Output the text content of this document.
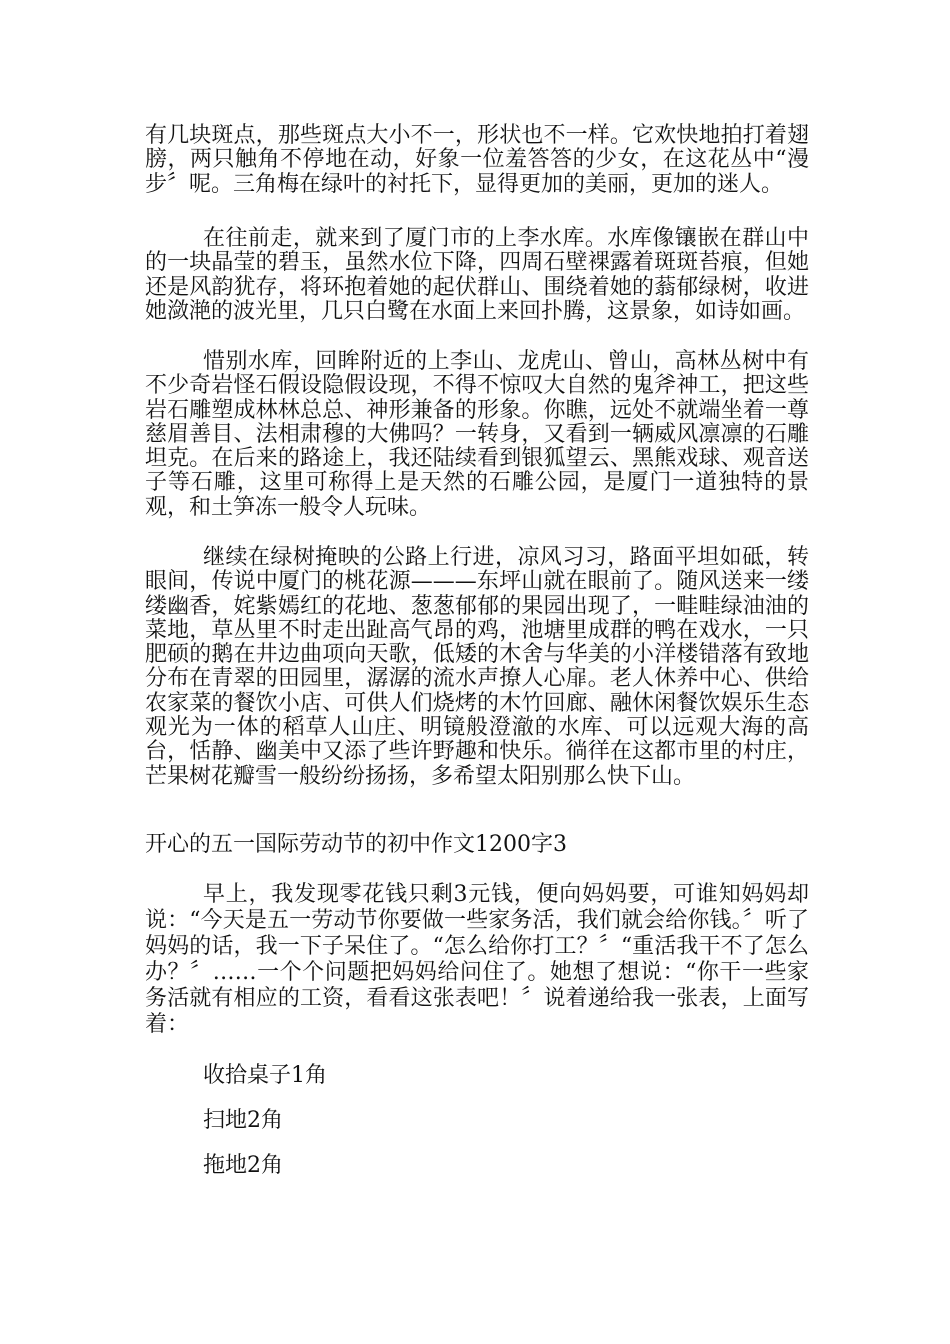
有几块斑点，那些斑点大小不一，形状也不一样。它欢快地拍打着翅膀，两只触角不停地在动，好象一位羞答答的少女，在这花丛中“漫步〞呢。三角梅在绿叶的衬托下，显得更加的美丽，更加的迷人。

在往前走，就来到了厦门市的上李水库。水库像镶嵌在群山中的一块晶莹的碧玉，虽然水位下降，四周石壁裸露着斑斑苔痕，但她还是风韵犹存，将环抱着她的起伏群山、围绕着她的蓊郁绿树，收进她潋滟的波光里，几只白鹭在水面上来回扑腾，这景象，如诗如画。

惜别水库，回眸附近的上李山、龙虎山、曾山，高林丛树中有不少奇岩怪石假设隐假设现，不得不惊叹大自然的鬼斧神工，把这些岩石雕塑成林林总总、神形兼备的形象。你瞧，远处不就端坐着一尊慈眉善目、法相肃穆的大佛吗？一转身，又看到一辆威风凛凛的石雕坦克。在后来的路途上，我还陆续看到银狐望云、黑熊戏球、观音送子等石雕，这里可称得上是天然的石雕公园，是厦门一道独特的景观，和土笋冻一般令人玩味。

继续在绿树掩映的公路上行进，凉风习习，路面平坦如砥，转眼间，传说中厦门的桃花源———东坪山就在眼前了。随风送来一缕缕幽香，姹紫嫣红的花地、葱葱郁郁的果园出现了，一畦畦绿油油的菜地，草丛里不时走出趾高气昂的鸡，池塘里成群的鸭在戏水，一只肥硕的鹅在井边曲项向天歌，低矮的木舍与华美的小洋楼错落有致地分布在青翠的田园里，潺潺的流水声撩人心扉。老人休养中心、供给农家菜的餐饮小店、可供人们烧烤的木竹回廊、融休闲餐饮娱乐生态观光为一体的稻草人山庄、明镜般澄澈的水库、可以远观大海的高台，恬静、幽美中又添了些许野趣和快乐。徜徉在这都市里的村庄，芒果树花瓣雪一般纷纷扬扬，多希望太阳别那么快下山。

开心的五一国际劳动节的初中作文1200字3

早上，我发现零花钱只剩3元钱，便向妈妈要，可谁知妈妈却说：“今天是五一劳动节你要做一些家务活，我们就会给你钱。〞听了妈妈的话，我一下子呆住了。“怎么给你打工？〞“重活我干不了怎么办？〞……一个个问题把妈妈给问住了。她想了想说：“你干一些家务活就有相应的工资，看看这张表吧！〞说着递给我一张表，上面写着：

收拾桌子1角

扫地2角

拖地2角
